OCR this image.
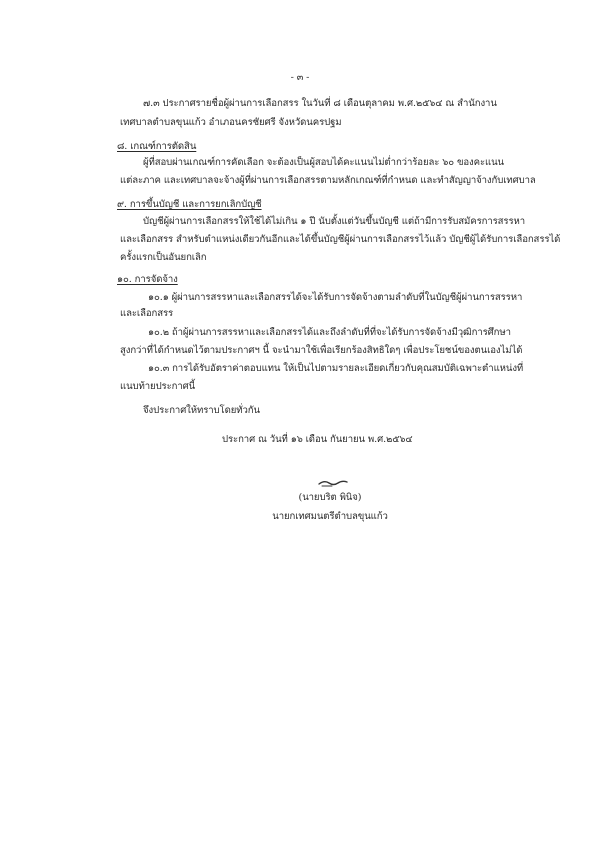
- ๓ -

๗.๓ ประกาศรายชื่อผู้ผ่านการเลือกสรร ในวันที่ ๘ เดือนตุลาคม พ.ศ.๒๕๖๔ ณ สำนักงาน

เทศบาลตำบลขุนแก้ว อำเภอนครชัยศรี จังหวัดนครปฐม

๘. เกณฑ์การตัดสิน

ผู้ที่สอบผ่านเกณฑ์การคัดเลือก จะต้องเป็นผู้สอบได้คะแนนไม่ต่ำกว่าร้อยละ ๖๐ ของคะแนน

แต่ละภาค และเทศบาลจะจ้างผู้ที่ผ่านการเลือกสรรตามหลักเกณฑ์ที่กำหนด และทำสัญญาจ้างกับเทศบาล

๙. การขึ้นบัญชี และการยกเลิกบัญชี

บัญชีผู้ผ่านการเลือกสรรให้ใช้ได้ไม่เกิน ๑ ปี นับตั้งแต่วันขึ้นบัญชี แต่ถ้ามีการรับสมัครการสรรหา

และเลือกสรร สำหรับตำแหน่งเดียวกันอีกและได้ขึ้นบัญชีผู้ผ่านการเลือกสรรไว้แล้ว บัญชีผู้ได้รับการเลือกสรรได้

ครั้งแรกเป็นอันยกเลิก

๑๐. การจัดจ้าง

๑๐.๑ ผู้ผ่านการสรรหาและเลือกสรรได้จะได้รับการจัดจ้างตามลำดับที่ในบัญชีผู้ผ่านการสรรหา

และเลือกสรร

๑๐.๒ ถ้าผู้ผ่านการสรรหาและเลือกสรรได้และถึงลำดับที่ที่จะได้รับการจัดจ้างมีวุฒิการศึกษา

สูงกว่าที่ได้กำหนดไว้ตามประกาศฯ นี้ จะนำมาใช้เพื่อเรียกร้องสิทธิใดๆ เพื่อประโยชน์ของตนเองไม่ได้

๑๐.๓ การได้รับอัตราค่าตอบแทน ให้เป็นไปตามรายละเอียดเกี่ยวกับคุณสมบัติเฉพาะตำแหน่งที่

แนบท้ายประกาศนี้

จึงประกาศให้ทราบโดยทั่วกัน

ประกาศ ณ วันที่ ๑๖ เดือน กันยายน พ.ศ.๒๕๖๔

(นายบริต พินิจ)

นายกเทศมนตรีตำบลขุนแก้ว
